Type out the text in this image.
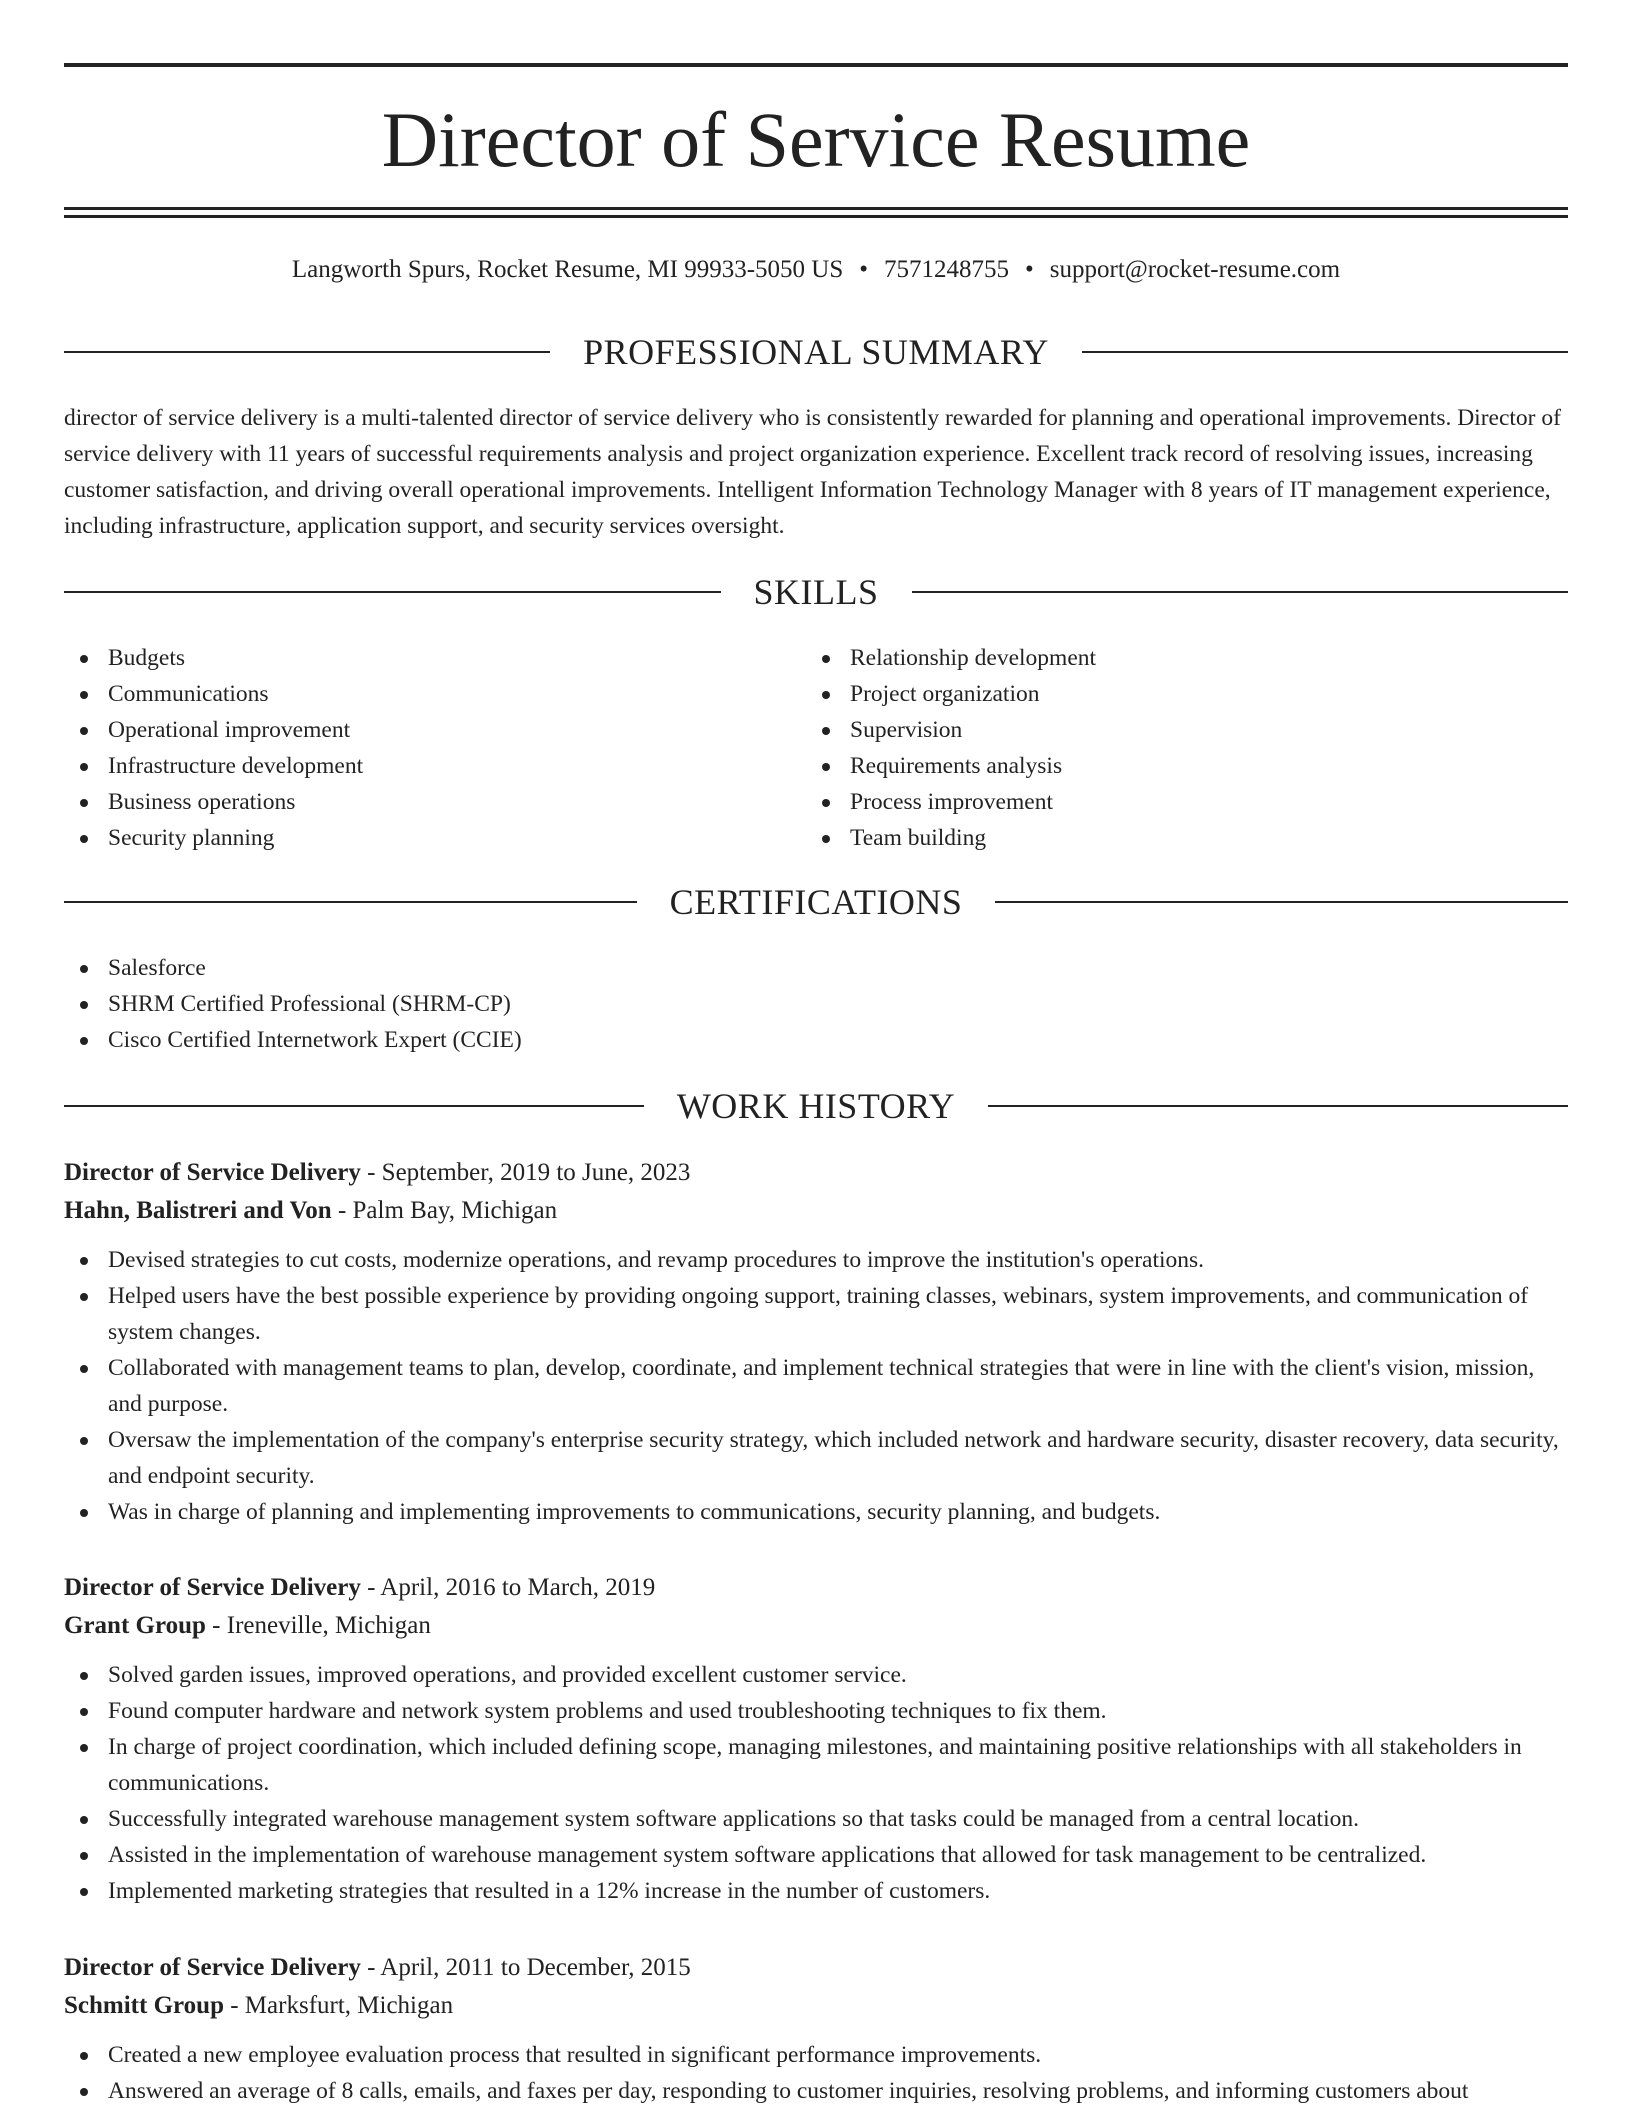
Director of Service Resume
Langworth Spurs, Rocket Resume, MI 99933-5050 US • 7571248755 • support@rocket-resume.com
PROFESSIONAL SUMMARY

director of service delivery is a multi-talented director of service delivery who is consistently rewarded for planning and operational improvements. Director of service delivery with 11 years of successful requirements analysis and project organization experience. Excellent track record of resolving issues, increasing customer satisfaction, and driving overall operational improvements. Intelligent Information Technology Manager with 8 years of IT management experience, including infrastructure, application support, and security services oversight.

SKILLS
Budgets
Communications
Operational improvement
Infrastructure development
Business operations
Security planning
Relationship development
Project organization
Supervision
Requirements analysis
Process improvement
Team building
CERTIFICATIONS
Salesforce
SHRM Certified Professional (SHRM-CP)
Cisco Certified Internetwork Expert (CCIE)
WORK HISTORY
Director of Service Delivery - September, 2019 to June, 2023
Hahn, Balistreri and Von - Palm Bay, Michigan
Devised strategies to cut costs, modernize operations, and revamp procedures to improve the institution's operations.
Helped users have the best possible experience by providing ongoing support, training classes, webinars, system improvements, and communication of system changes.
Collaborated with management teams to plan, develop, coordinate, and implement technical strategies that were in line with the client's vision, mission, and purpose.
Oversaw the implementation of the company's enterprise security strategy, which included network and hardware security, disaster recovery, data security, and endpoint security.
Was in charge of planning and implementing improvements to communications, security planning, and budgets.
Director of Service Delivery - April, 2016 to March, 2019
Grant Group - Ireneville, Michigan
Solved garden issues, improved operations, and provided excellent customer service.
Found computer hardware and network system problems and used troubleshooting techniques to fix them.
In charge of project coordination, which included defining scope, managing milestones, and maintaining positive relationships with all stakeholders in communications.
Successfully integrated warehouse management system software applications so that tasks could be managed from a central location.
Assisted in the implementation of warehouse management system software applications that allowed for task management to be centralized.
Implemented marketing strategies that resulted in a 12% increase in the number of customers.
Director of Service Delivery - April, 2011 to December, 2015
Schmitt Group - Marksfurt, Michigan
Created a new employee evaluation process that resulted in significant performance improvements.
Answered an average of 8 calls, emails, and faxes per day, responding to customer inquiries, resolving problems, and informing customers about
